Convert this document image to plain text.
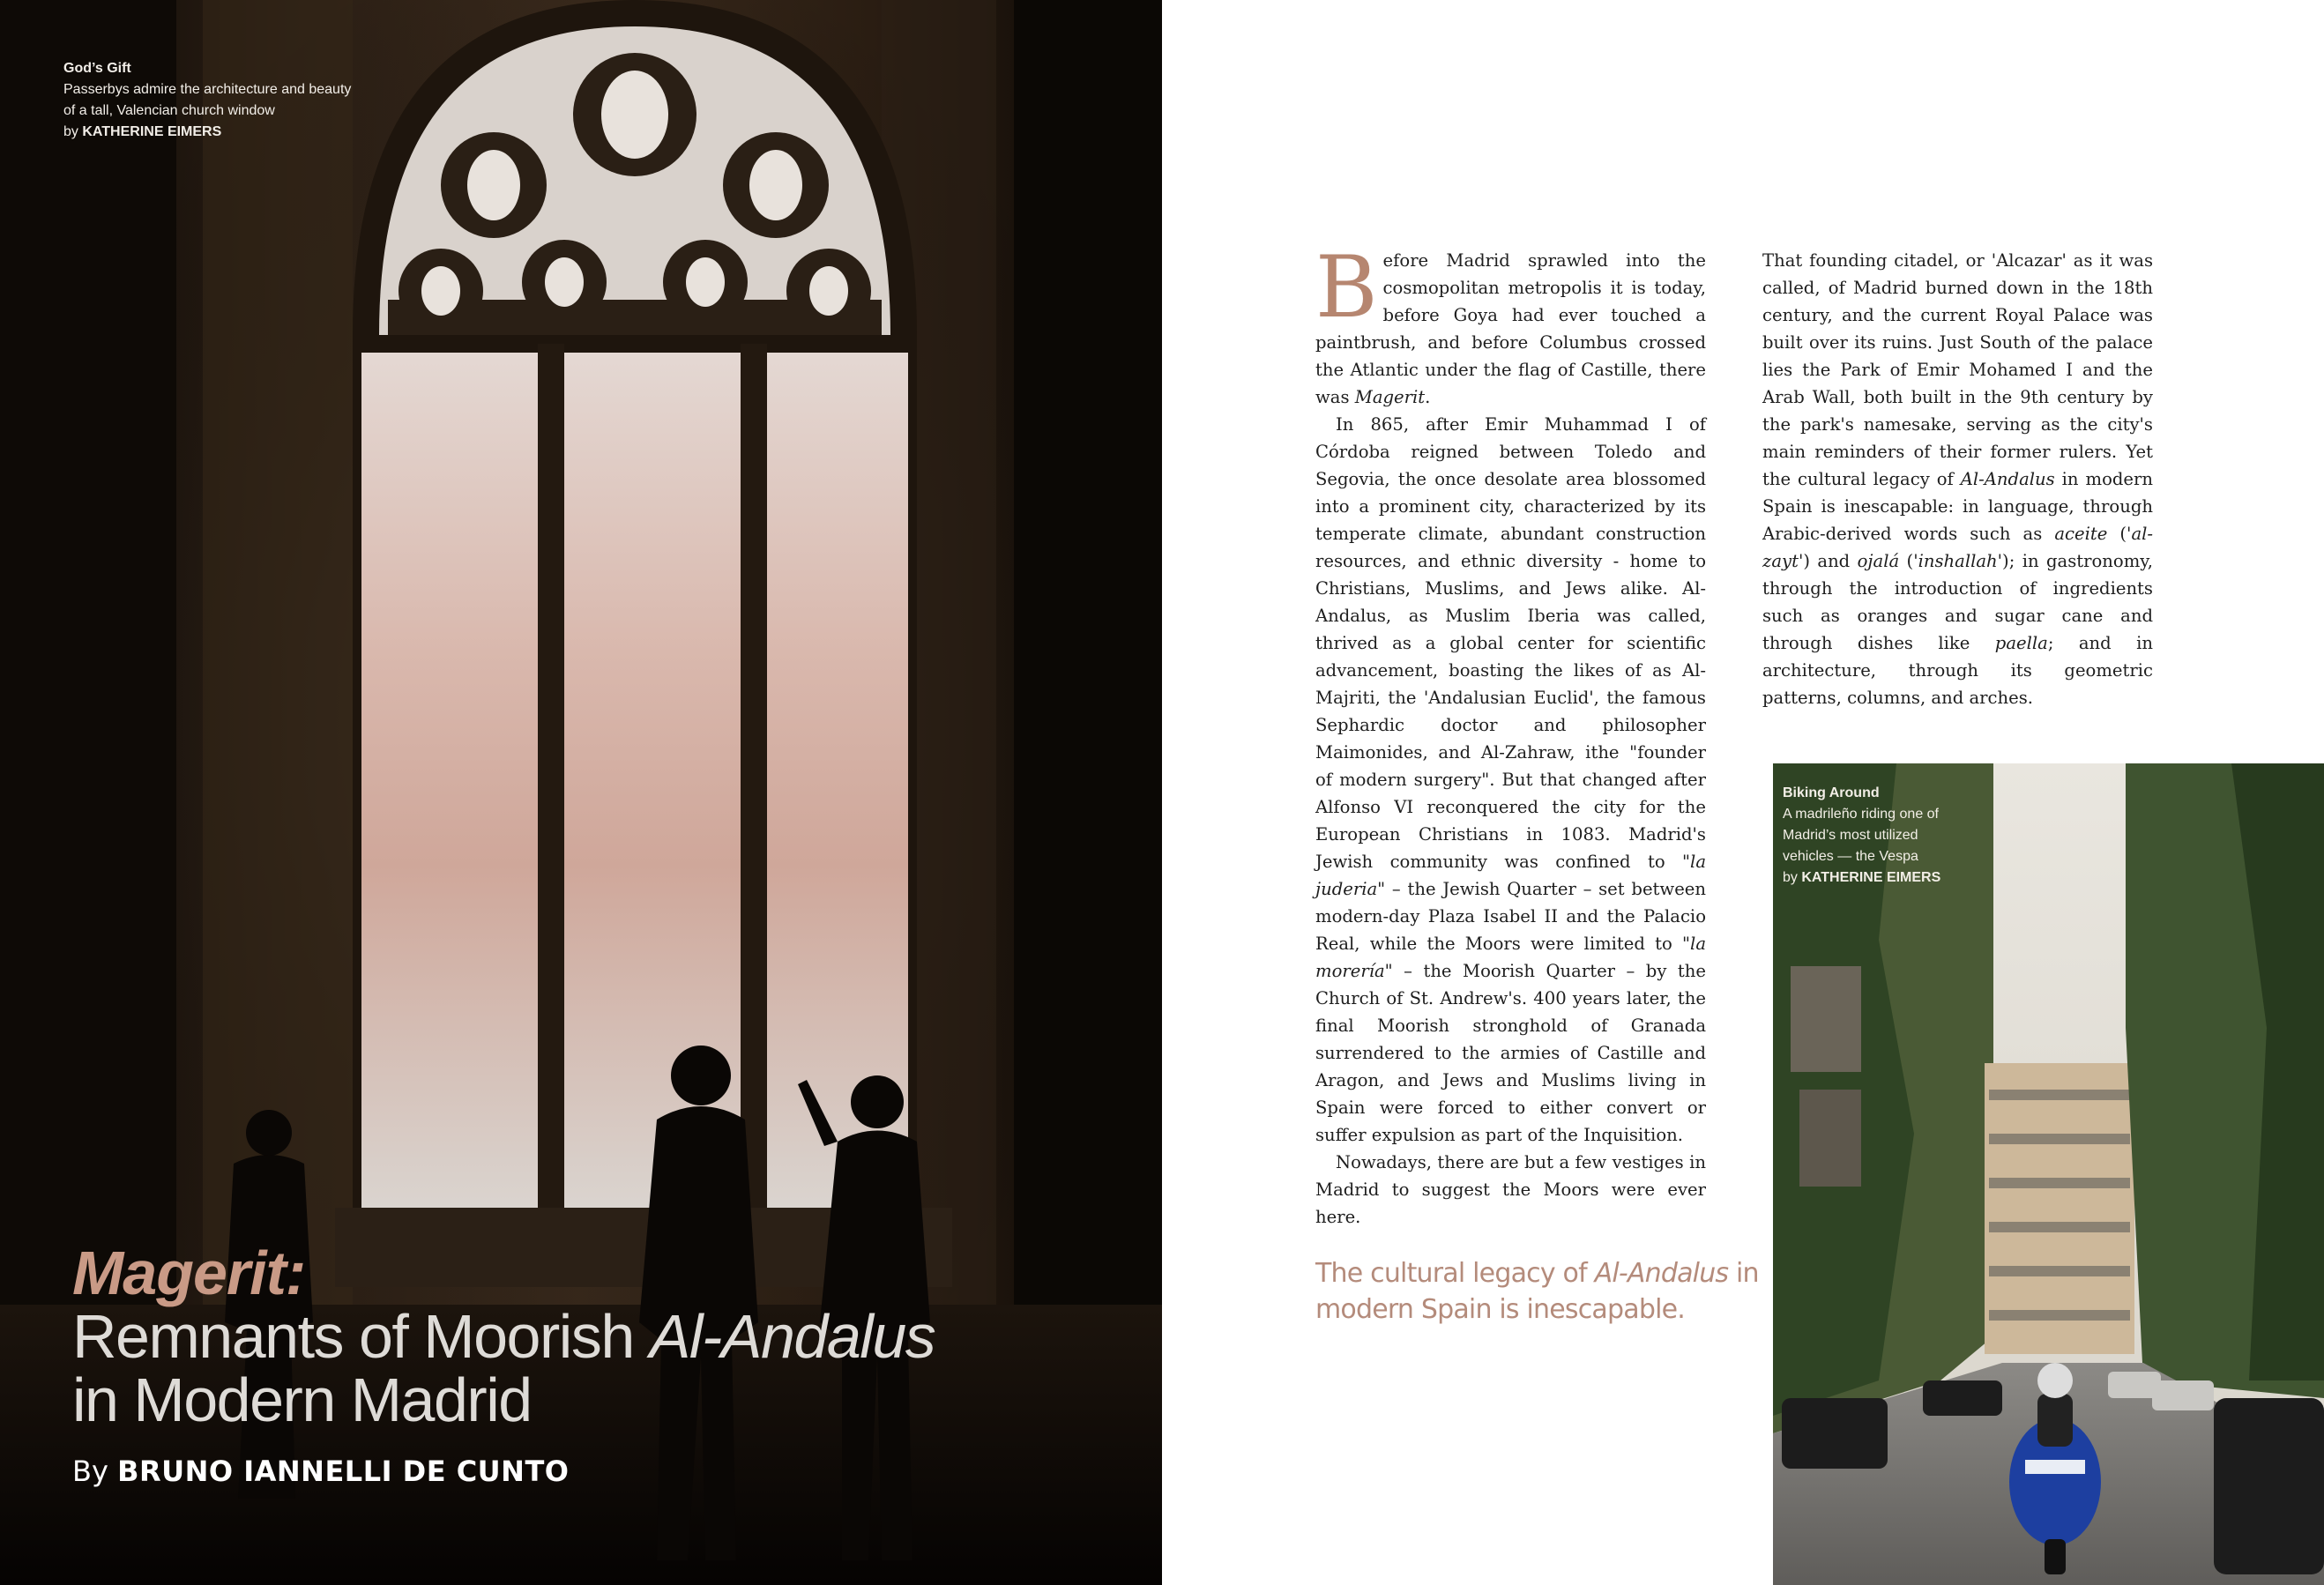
God’s Gift
Passerbys admire the architecture and beauty of a tall, Valencian church window
by KATHERINE EIMERS
Magerit:
Remnants of Moorish Al-Andalus
in Modern Madrid
By BRUNO IANNELLI DE CUNTO

Before Madrid sprawled into the cosmopolitan metropolis it is today, before Goya had ever touched a paintbrush, and before Columbus crossed the Atlantic under the flag of Castille, there was Magerit.

In 865, after Emir Muhammad I of Córdoba reigned between Toledo and Segovia, the once desolate area blossomed into a prominent city, characterized by its temperate climate, abundant construction resources, and ethnic diversity - home to Christians, Muslims, and Jews alike. Al-Andalus, as Muslim Iberia was called, thrived as a global center for scientific advancement, boasting the likes of as Al-Majriti, the 'Andalusian Euclid', the famous Sephardic doctor and philosopher Maimonides, and Al-Zahraw, ithe "founder of modern surgery". But that changed after Alfonso VI reconquered the city for the European Christians in 1083. Madrid's Jewish community was confined to "la juderia" – the Jewish Quarter – set between modern-day Plaza Isabel II and the Palacio Real, while the Moors were limited to "la morería" – the Moorish Quarter – by the Church of St. Andrew's. 400 years later, the final Moorish stronghold of Granada surrendered to the armies of Castille and Aragon, and Jews and Muslims living in Spain were forced to either convert or suffer expulsion as part of the Inquisition.

Nowadays, there are but a few vestiges in Madrid to suggest the Moors were ever here.

That founding citadel, or 'Alcazar' as it was called, of Madrid burned down in the 18th century, and the current Royal Palace was built over its ruins. Just South of the palace lies the Park of Emir Mohamed I and the Arab Wall, both built in the 9th century by the park's namesake, serving as the city's main reminders of their former rulers. Yet the cultural legacy of Al-Andalus in modern Spain is inescapable: in language, through Arabic-derived words such as aceite ('al-zayt') and ojalá ('inshallah'); in gastronomy, through the introduction of ingredients such as oranges and sugar cane and through dishes like paella; and in architecture, through its geometric patterns, columns, and arches.

The cultural legacy of Al-Andalus in modern Spain is inescapable.
Biking Around
A madrileño riding one of Madrid’s most utilized vehicles — the Vespa
by KATHERINE EIMERS
